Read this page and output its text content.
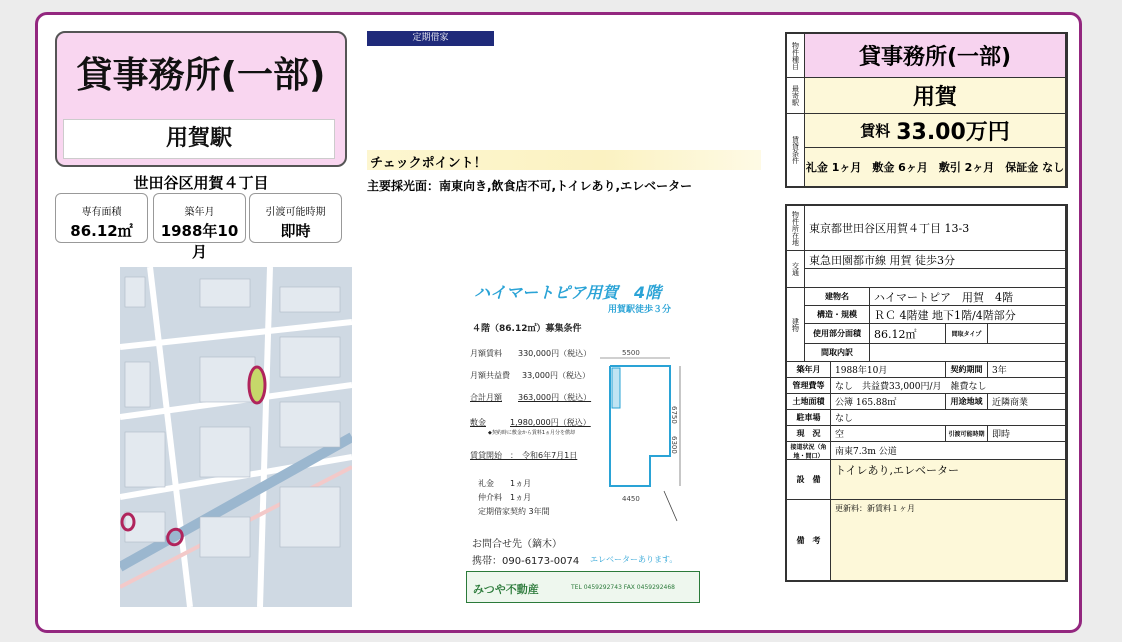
貸事務所(一部)
用賀駅
世田谷区用賀４丁目
専有面積
86.12㎡
築年月
1988年10月
引渡可能時期
即時
定期借家
チェックポイント！
主要採光面：南東向き,飲食店不可,トイレあり,エレベーター
ハイマートピア用賀　4階
用賀駅徒歩３分
４階（86.12㎡）募集条件
月額賃料 330,000円（税込）
月額共益費 33,000円（税込）
合計月額 363,000円（税込）
敷金	1,980,000円（税込）
◆契約時に敷金から賃料1ヵ月分を償却
賃貸開始　：　令和6年7月1日
礼金　　1ヵ月
仲介料　1ヵ月
定期借家契約 3年間
お問合せ先（鏑木）
携帯：090-6173-0074 エレベーターあります。
5500
6750
6300
4450
みつや不動産	TEL 0459292743 FAX 0459292468
物件種目	貸事務所(一部)
最寄駅	用賀
賃貸条件
賃料 33.00万円
礼金 1ヶ月　敷金 6ヶ月　敷引 2ヶ月　保証金 なし
物件所在地 東京都世田谷区用賀４丁目 13-3
交通
東急田園都市線 用賀 徒歩3分
建物
建物名	ハイマートピア　用賀　4階
構造・規模	ＲＣ 4階建 地下1階/4階部分
使用部分面積	86.12㎡	間取タイプ
間取内訳
築年月	1988年10月	契約期間	3年
管理費等	なし　共益費33,000円/月　雑費なし
土地面積	公簿 165.88㎡	用途地域	近隣商業
駐車場	なし
現　況	空	引渡可能時期 即時
接道状況（角地・間口）	南東7.3m 公道
設　備
トイレあり,エレベーター
備　考
更新料：新賃料１ヶ月
